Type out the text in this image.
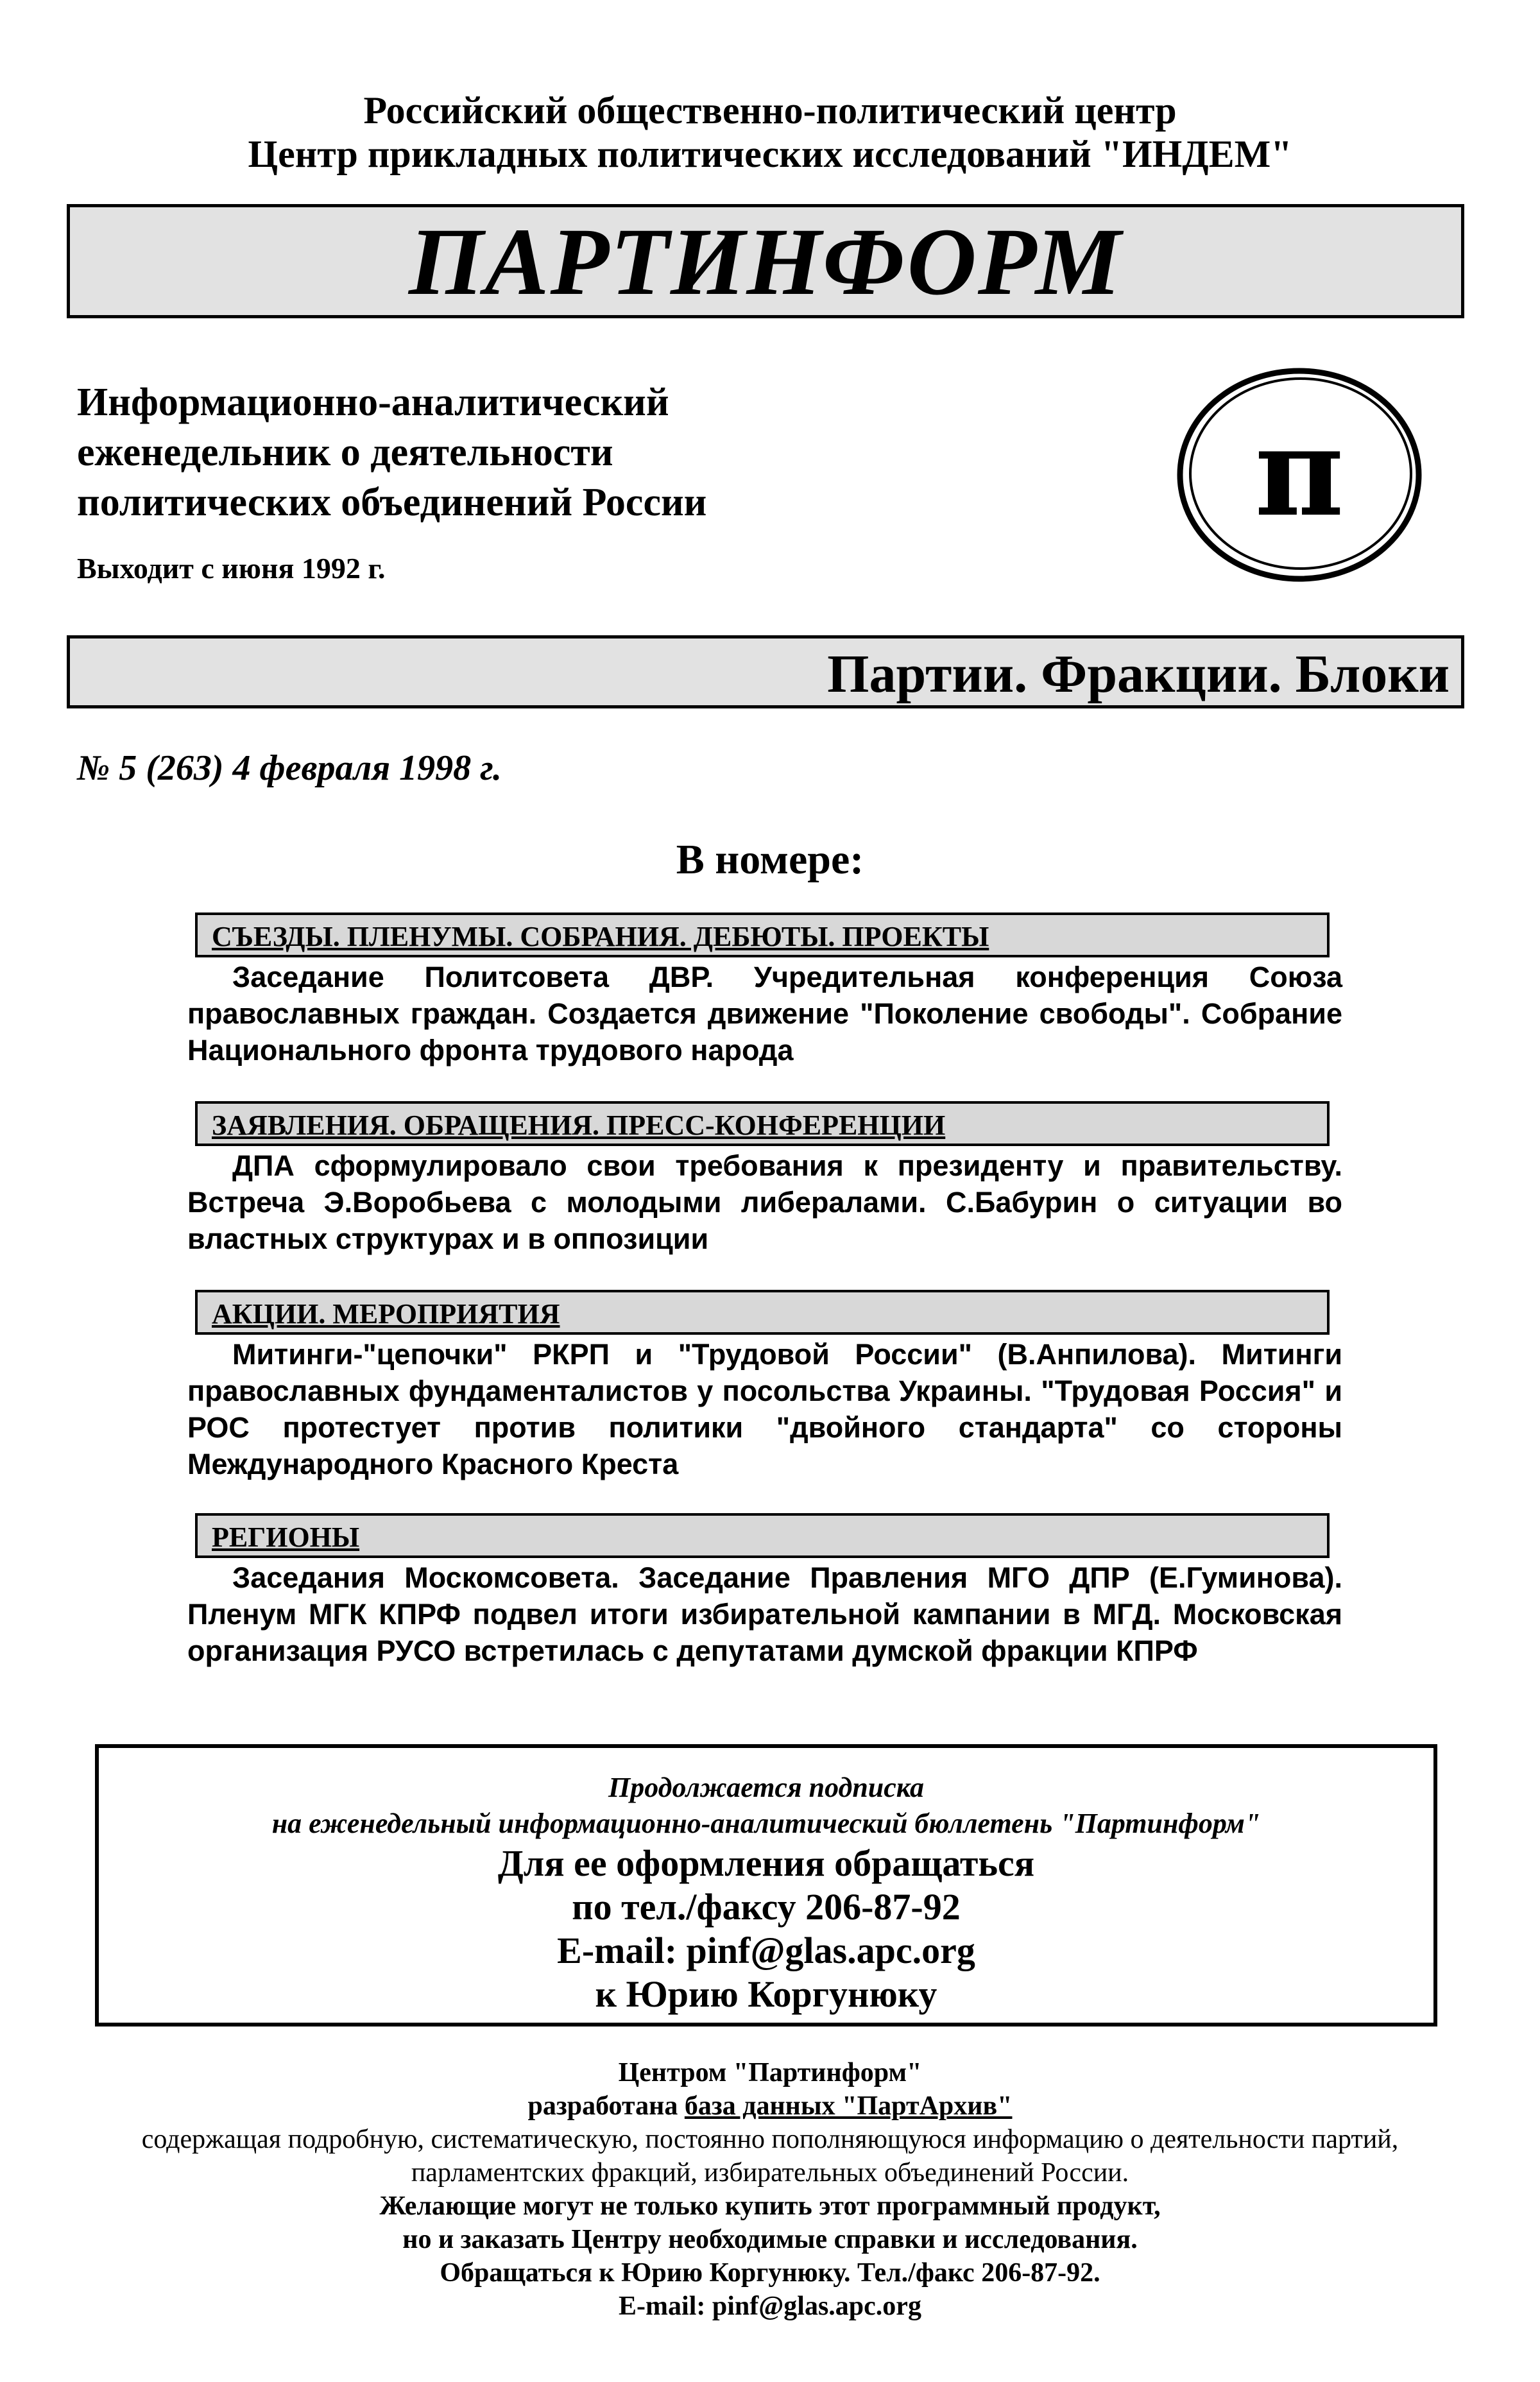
Российский общественно-политический центр
Центр прикладных политических исследований "ИНДЕМ"
ПАРТИНФОРМ
Информационно-аналитический
еженедельник о деятельности
политических объединений России
Выходит с июня 1992 г.
π
Партии. Фракции. Блоки
№ 5 (263) 4 февраля 1998 г.
В номере:
СЪЕЗДЫ. ПЛЕНУМЫ. СОБРАНИЯ. ДЕБЮТЫ. ПРОЕКТЫ
Заседание Политсовета ДВР. Учредительная конференция Союза православных граждан. Создается движение "Поколение свободы". Собрание Национального фронта трудового народа
ЗАЯВЛЕНИЯ. ОБРАЩЕНИЯ. ПРЕСС-КОНФЕРЕНЦИИ
ДПА сформулировало свои требования к президенту и правительству. Встреча Э.Воробьева с молодыми либералами. С.Бабурин о ситуации во властных структурах и в оппозиции
АКЦИИ. МЕРОПРИЯТИЯ
Митинги-"цепочки" РКРП и "Трудовой России" (В.Анпилова). Митинги православных фундаменталистов у посольства Украины. "Трудовая Россия" и РОС протестует против политики "двойного стандарта" со стороны Международного Красного Креста
РЕГИОНЫ
Заседания Москомсовета. Заседание Правления МГО ДПР (Е.Гуминова). Пленум МГК КПРФ подвел итоги избирательной кампании в МГД. Московская организация РУСО встретилась с депутатами думской фракции КПРФ
Продолжается подписка
на еженедельный информационно-аналитический бюллетень "Партинформ"
Для ее оформления обращаться
по тел./факсу 206-87-92
E-mail: pinf@glas.apc.org
к Юрию Коргунюку
Центром "Партинформ"
разработана база данных "ПартАрхив"
содержащая подробную, систематическую, постоянно пополняющуюся информацию о деятельности партий,
парламентских фракций, избирательных объединений России.
Желающие могут не только купить этот программный продукт,
но и заказать Центру необходимые справки и исследования.
Обращаться к Юрию Коргунюку. Тел./факс 206-87-92.
E-mail: pinf@glas.apc.org
